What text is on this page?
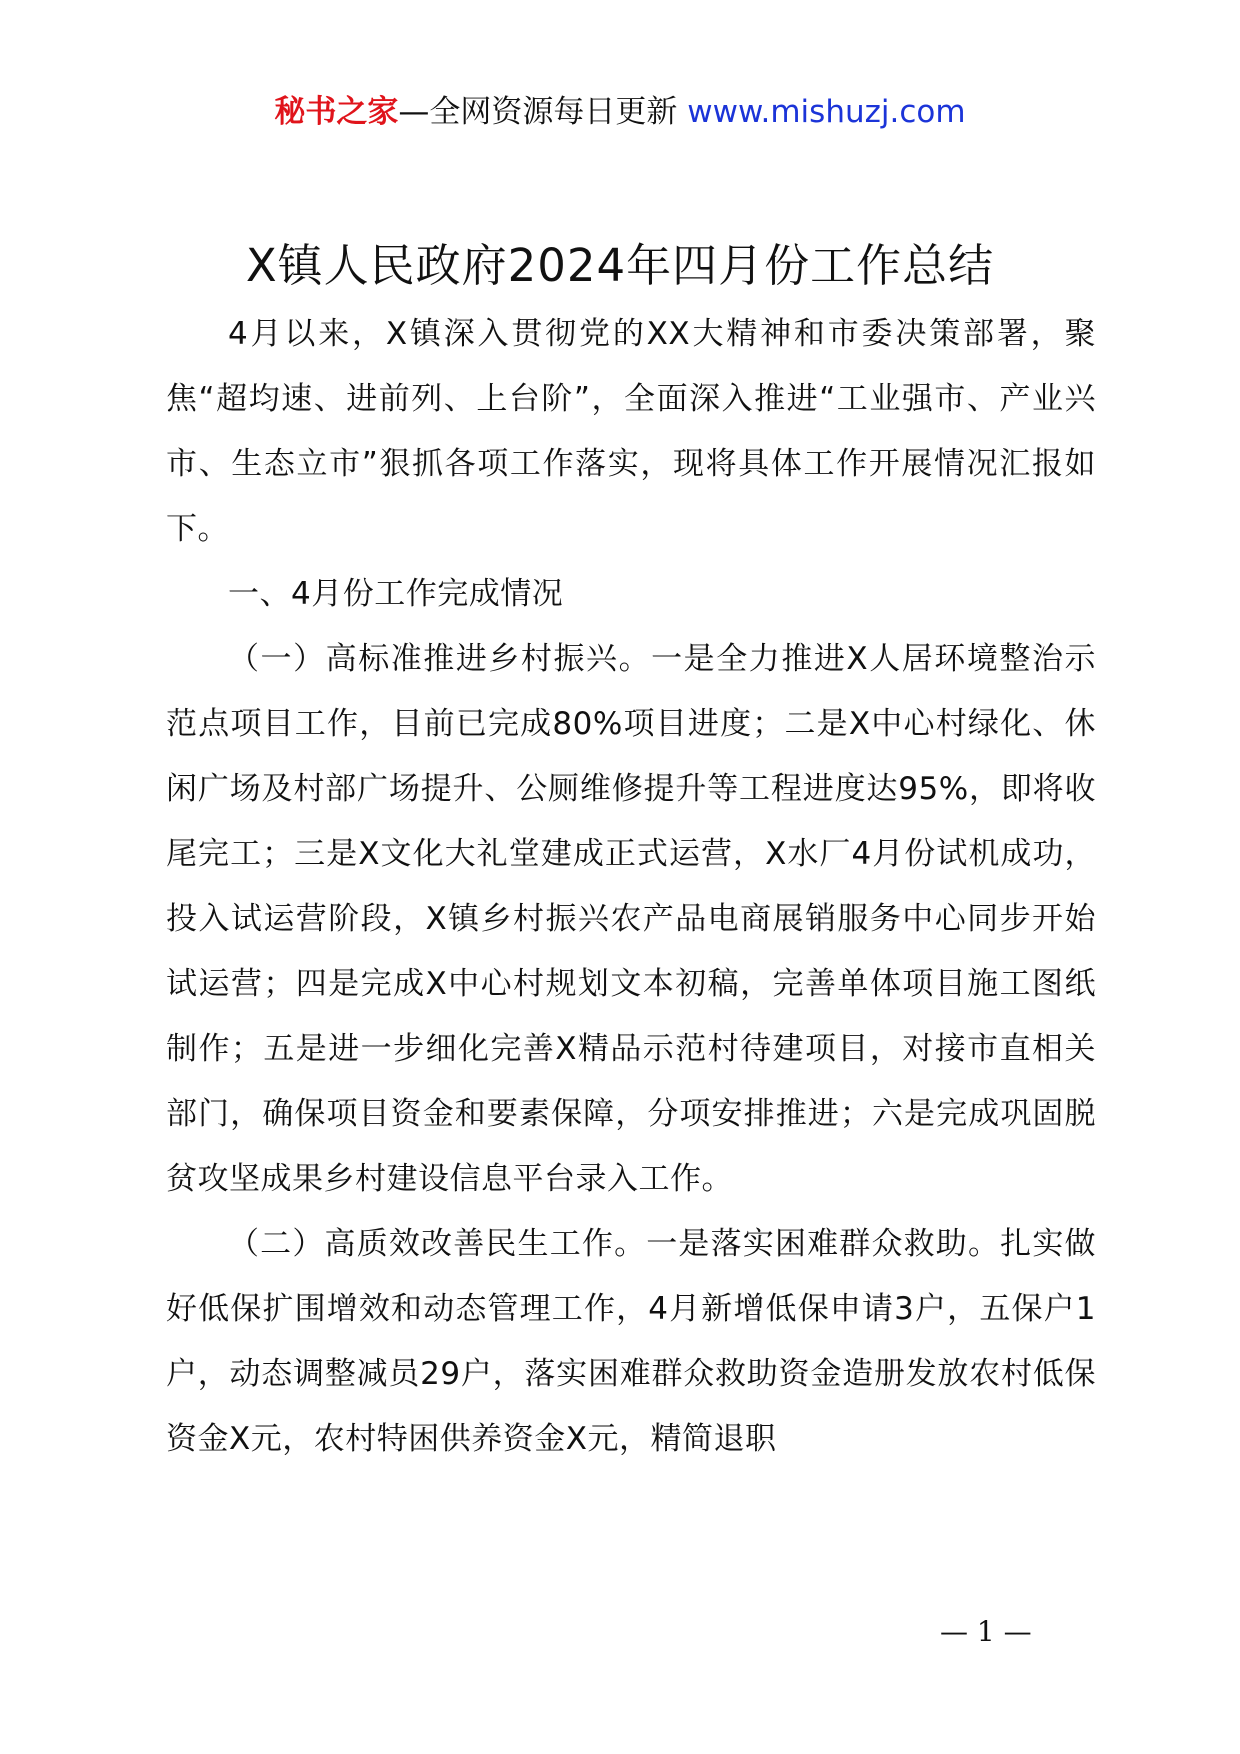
秘书之家—全网资源每日更新 www.mishuzj.com
X镇人民政府2024年四月份工作总结

4月以来，X镇深入贯彻党的XX大精神和市委决策部署，聚焦“超均速、进前列、上台阶”，全面深入推进“工业强市、产业兴市、生态立市”狠抓各项工作落实，现将具体工作开展情况汇报如下。

一、4月份工作完成情况

（一）高标准推进乡村振兴。一是全力推进X人居环境整治示范点项目工作，目前已完成80%项目进度；二是X中心村绿化、休闲广场及村部广场提升、公厕维修提升等工程进度达95%，即将收尾完工；三是X文化大礼堂建成正式运营，X水厂4月份试机成功，投入试运营阶段，X镇乡村振兴农产品电商展销服务中心同步开始试运营；四是完成X中心村规划文本初稿，完善单体项目施工图纸制作；五是进一步细化完善X精品示范村待建项目，对接市直相关部门，确保项目资金和要素保障，分项安排推进；六是完成巩固脱贫攻坚成果乡村建设信息平台录入工作。

（二）高质效改善民生工作。一是落实困难群众救助。扎实做好低保扩围增效和动态管理工作，4月新增低保申请3户，五保户1户，动态调整减员29户，落实困难群众救助资金造册发放农村低保资金X元，农村特困供养资金X元，精简退职

— 1 —
